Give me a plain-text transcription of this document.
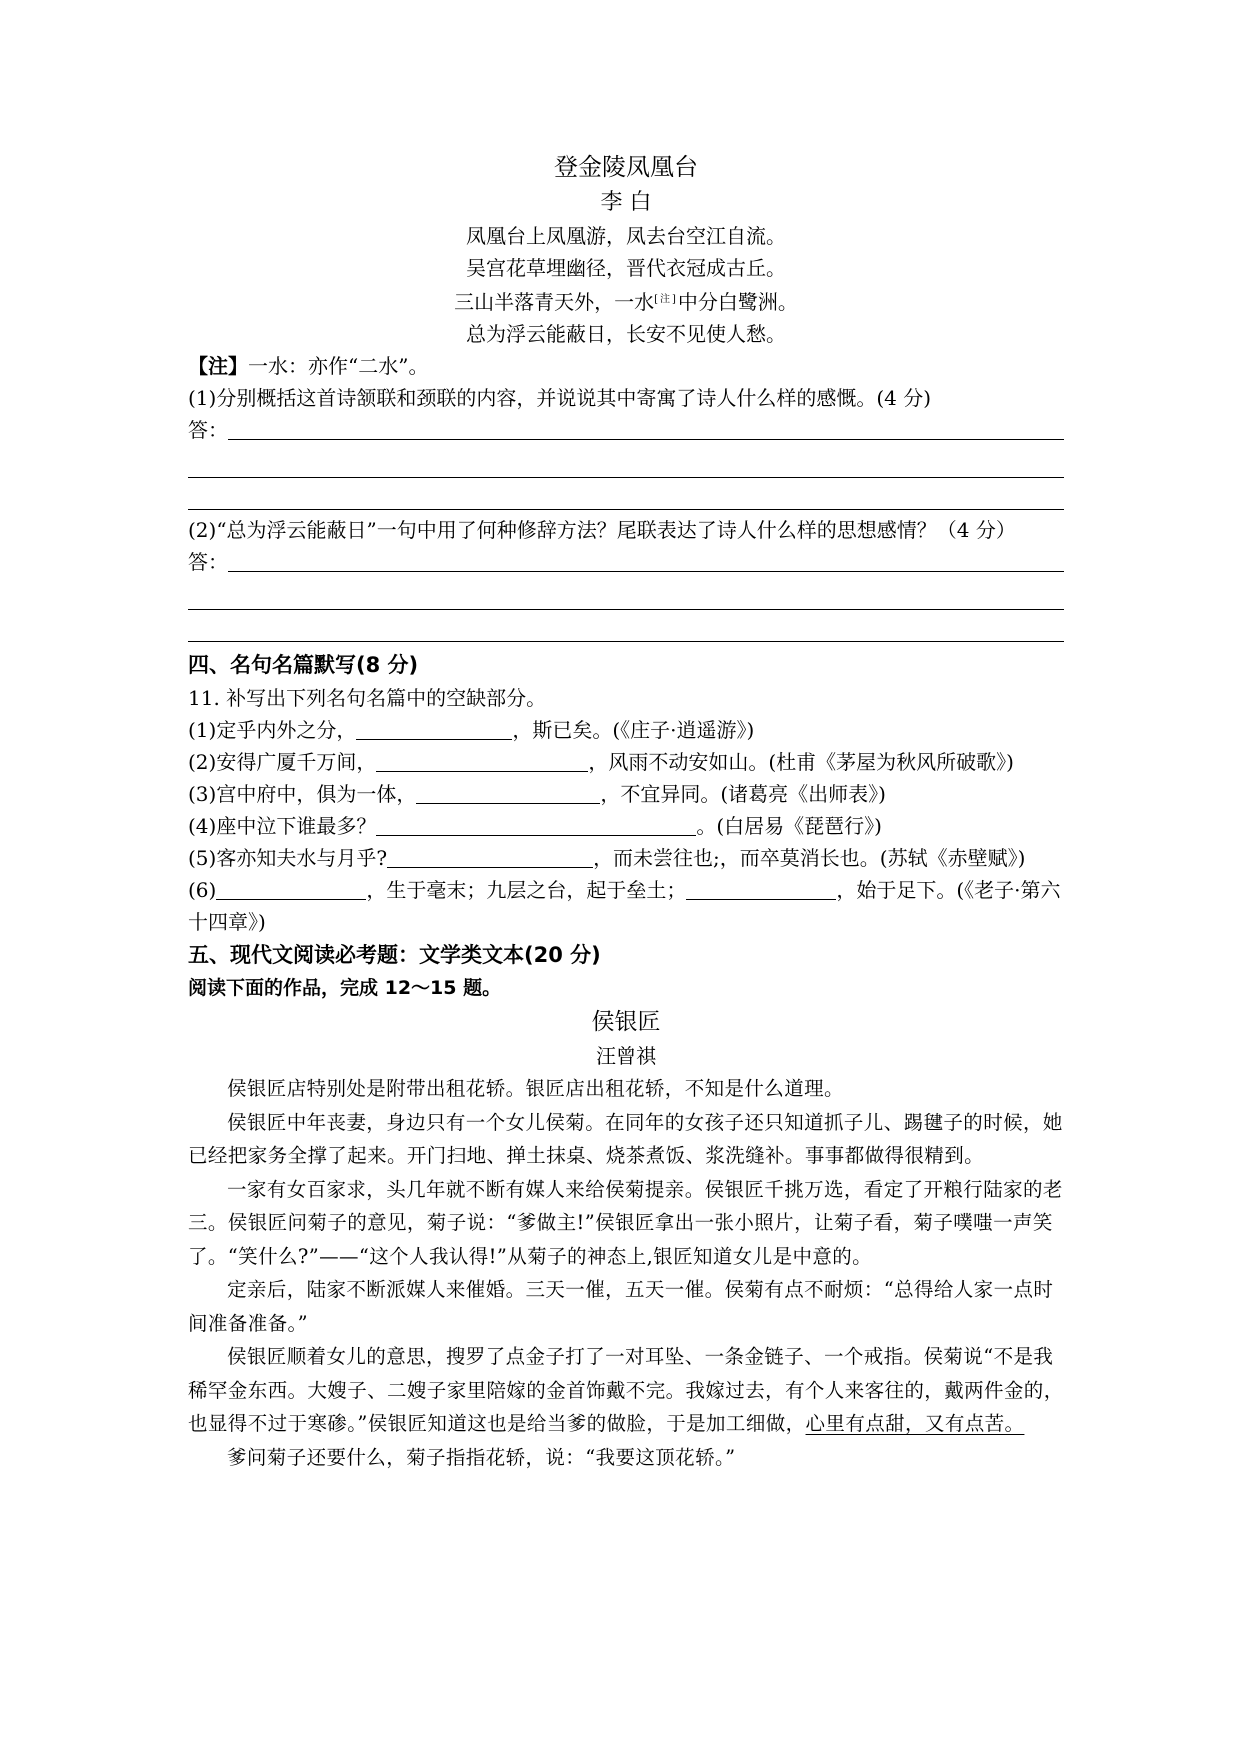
登金陵凤凰台
李 白
凤凰台上凤凰游，凤去台空江自流。
吴宫花草埋幽径，晋代衣冠成古丘。
三山半落青天外，一水[注]中分白鹭洲。
总为浮云能蔽日，长安不见使人愁。

【注】一水：亦作“二水”。

(1)分别概括这首诗颔联和颈联的内容，并说说其中寄寓了诗人什么样的感慨。(4 分)

答：

(2)“总为浮云能蔽日”一句中用了何种修辞方法？尾联表达了诗人什么样的思想感情？（4 分）

答：
四、名句名篇默写(8 分)

11. 补写出下列名句名篇中的空缺部分。

(1)定乎内外之分，	，斯已矣。(《庄子·逍遥游》)

(2)安得广厦千万间，	，风雨不动安如山。(杜甫《茅屋为秋风所破歌》)

(3)宫中府中，俱为一体，	，不宜异同。(诸葛亮《出师表》)

(4)座中泣下谁最多？	。(白居易《琵琶行》)

(5)客亦知夫水与月乎?	，而未尝往也;，而卒莫消长也。(苏轼《赤壁赋》)

(6)	，生于毫末；九层之台，起于垒土；	，始于足下。(《老子·第六十四章》)

五、现代文阅读必考题：文学类文本(20 分)

阅读下面的作品，完成 12～15 题。

侯银匠
汪曾祺

侯银匠店特别处是附带出租花轿。银匠店出租花轿，不知是什么道理。

侯银匠中年丧妻，身边只有一个女儿侯菊。在同年的女孩子还只知道抓子儿、踢毽子的时候，她已经把家务全撑了起来。开门扫地、掸土抹桌、烧茶煮饭、浆洗缝补。事事都做得很精到。

一家有女百家求，头几年就不断有媒人来给侯菊提亲。侯银匠千挑万选，看定了开粮行陆家的老三。侯银匠问菊子的意见，菊子说：“爹做主!”侯银匠拿出一张小照片，让菊子看，菊子噗嗤一声笑了。“笑什么?”——“这个人我认得!”从菊子的神态上,银匠知道女儿是中意的。

定亲后，陆家不断派媒人来催婚。三天一催，五天一催。侯菊有点不耐烦：“总得给人家一点时间准备准备。”

侯银匠顺着女儿的意思，搜罗了点金子打了一对耳坠、一条金链子、一个戒指。侯菊说“不是我稀罕金东西。大嫂子、二嫂子家里陪嫁的金首饰戴不完。我嫁过去，有个人来客往的，戴两件金的，也显得不过于寒碜。”侯银匠知道这也是给当爹的做脸，于是加工细做，心里有点甜，又有点苦。

爹问菊子还要什么，菊子指指花轿，说：“我要这顶花轿。”
